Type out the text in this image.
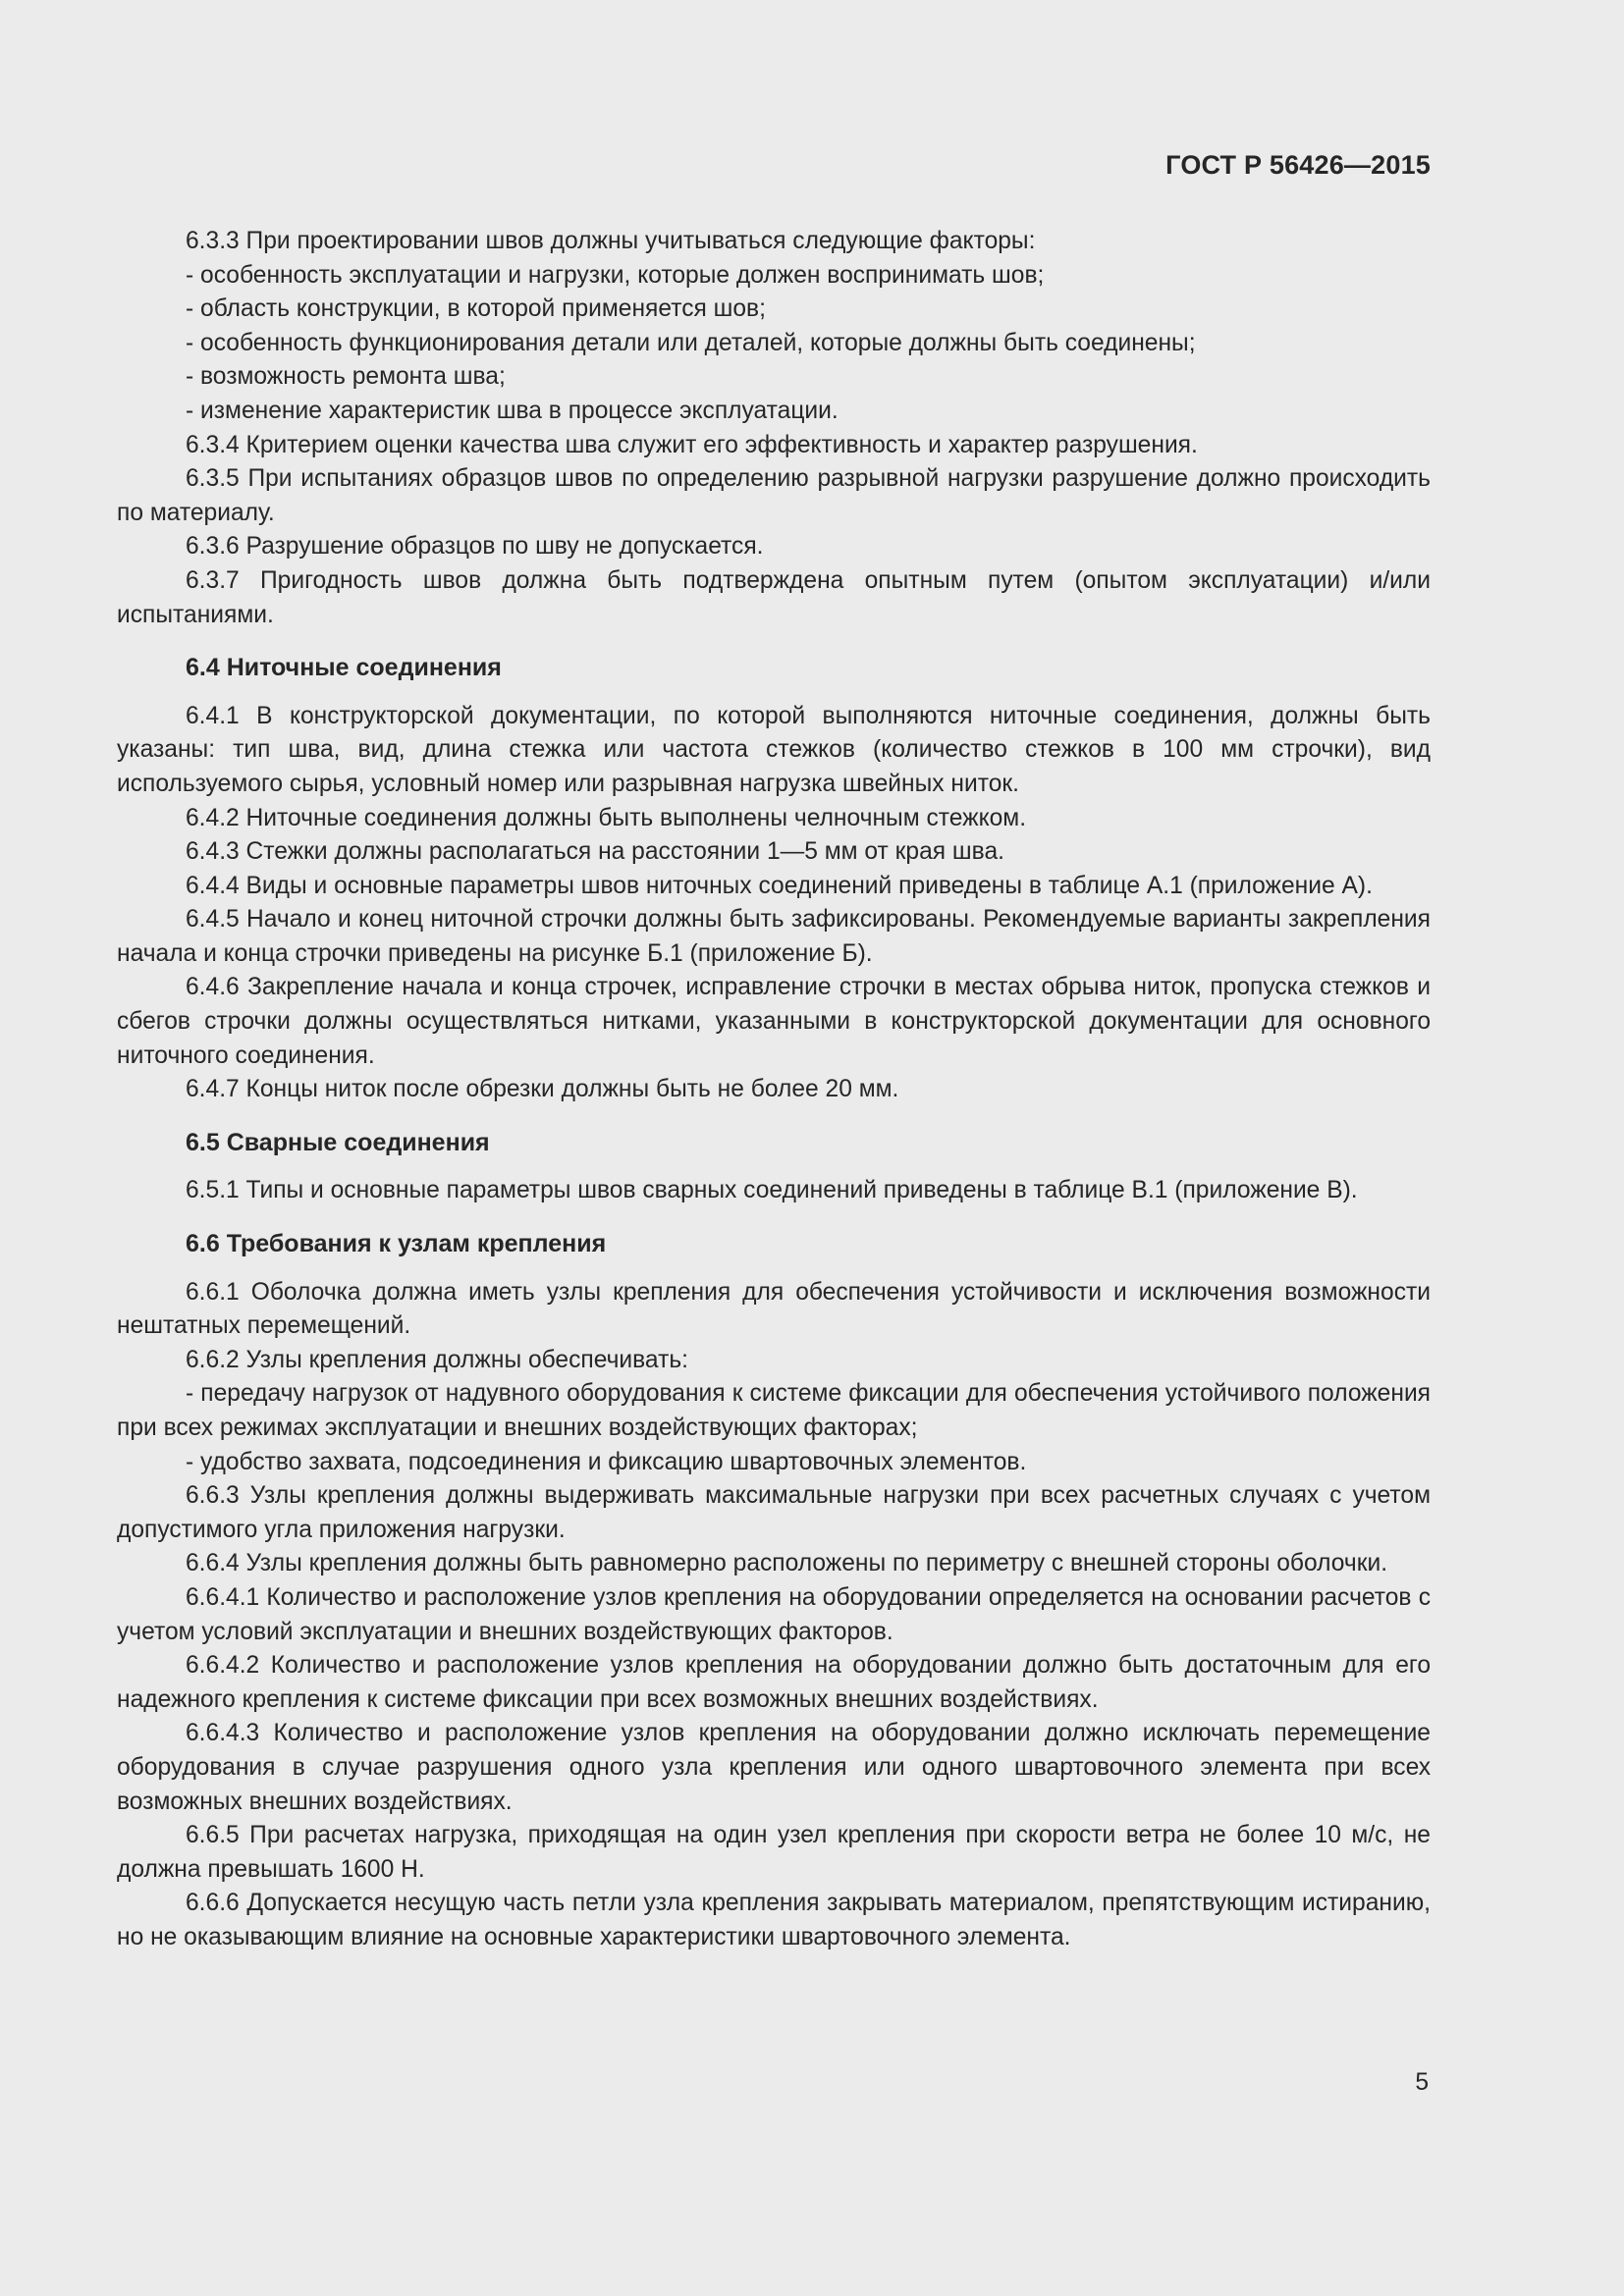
ГОСТ Р 56426—2015

6.3.3 При проектировании швов должны учитываться следующие факторы:

- особенность эксплуатации и нагрузки, которые должен воспринимать шов;

- область конструкции, в которой применяется шов;

- особенность функционирования детали или деталей, которые должны быть соединены;

- возможность ремонта шва;

- изменение характеристик шва в процессе эксплуатации.

6.3.4 Критерием оценки качества шва служит его эффективность и характер разрушения.

6.3.5 При испытаниях образцов швов по определению разрывной нагрузки разрушение должно происходить по материалу.

6.3.6 Разрушение образцов по шву не допускается.

6.3.7 Пригодность швов должна быть подтверждена опытным путем (опытом эксплуатации) и/или испытаниями.

6.4 Ниточные соединения

6.4.1 В конструкторской документации, по которой выполняются ниточные соединения, должны быть указаны: тип шва, вид, длина стежка или частота стежков (количество стежков в 100 мм строчки), вид используемого сырья, условный номер или разрывная нагрузка швейных ниток.

6.4.2 Ниточные соединения должны быть выполнены челночным стежком.

6.4.3 Стежки должны располагаться на расстоянии 1—5 мм от края шва.

6.4.4 Виды и основные параметры швов ниточных соединений приведены в таблице А.1 (приложение А).

6.4.5 Начало и конец ниточной строчки должны быть зафиксированы. Рекомендуемые варианты закрепления начала и конца строчки приведены на рисунке Б.1 (приложение Б).

6.4.6 Закрепление начала и конца строчек, исправление строчки в местах обрыва ниток, пропуска стежков и сбегов строчки должны осуществляться нитками, указанными в конструкторской документации для основного ниточного соединения.

6.4.7 Концы ниток после обрезки должны быть не более 20 мм.

6.5 Сварные соединения

6.5.1 Типы и основные параметры швов сварных соединений приведены в таблице В.1 (приложение В).

6.6 Требования к узлам крепления

6.6.1 Оболочка должна иметь узлы крепления для обеспечения устойчивости и исключения возможности нештатных перемещений.

6.6.2 Узлы крепления должны обеспечивать:

- передачу нагрузок от надувного оборудования к системе фиксации для обеспечения устойчивого положения при всех режимах эксплуатации и внешних воздействующих факторах;

- удобство захвата, подсоединения и фиксацию швартовочных элементов.

6.6.3 Узлы крепления должны выдерживать максимальные нагрузки при всех расчетных случаях с учетом допустимого угла приложения нагрузки.

6.6.4 Узлы крепления должны быть равномерно расположены по периметру с внешней стороны оболочки.

6.6.4.1 Количество и расположение узлов крепления на оборудовании определяется на основании расчетов с учетом условий эксплуатации и внешних воздействующих факторов.

6.6.4.2 Количество и расположение узлов крепления на оборудовании должно быть достаточным для его надежного крепления к системе фиксации при всех возможных внешних воздействиях.

6.6.4.3 Количество и расположение узлов крепления на оборудовании должно исключать перемещение оборудования в случае разрушения одного узла крепления или одного швартовочного элемента при всех возможных внешних воздействиях.

6.6.5 При расчетах нагрузка, приходящая на один узел крепления при скорости ветра не более 10 м/с, не должна превышать 1600 Н.

6.6.6 Допускается несущую часть петли узла крепления закрывать материалом, препятствующим истиранию, но не оказывающим влияние на основные характеристики швартовочного элемента.

5
